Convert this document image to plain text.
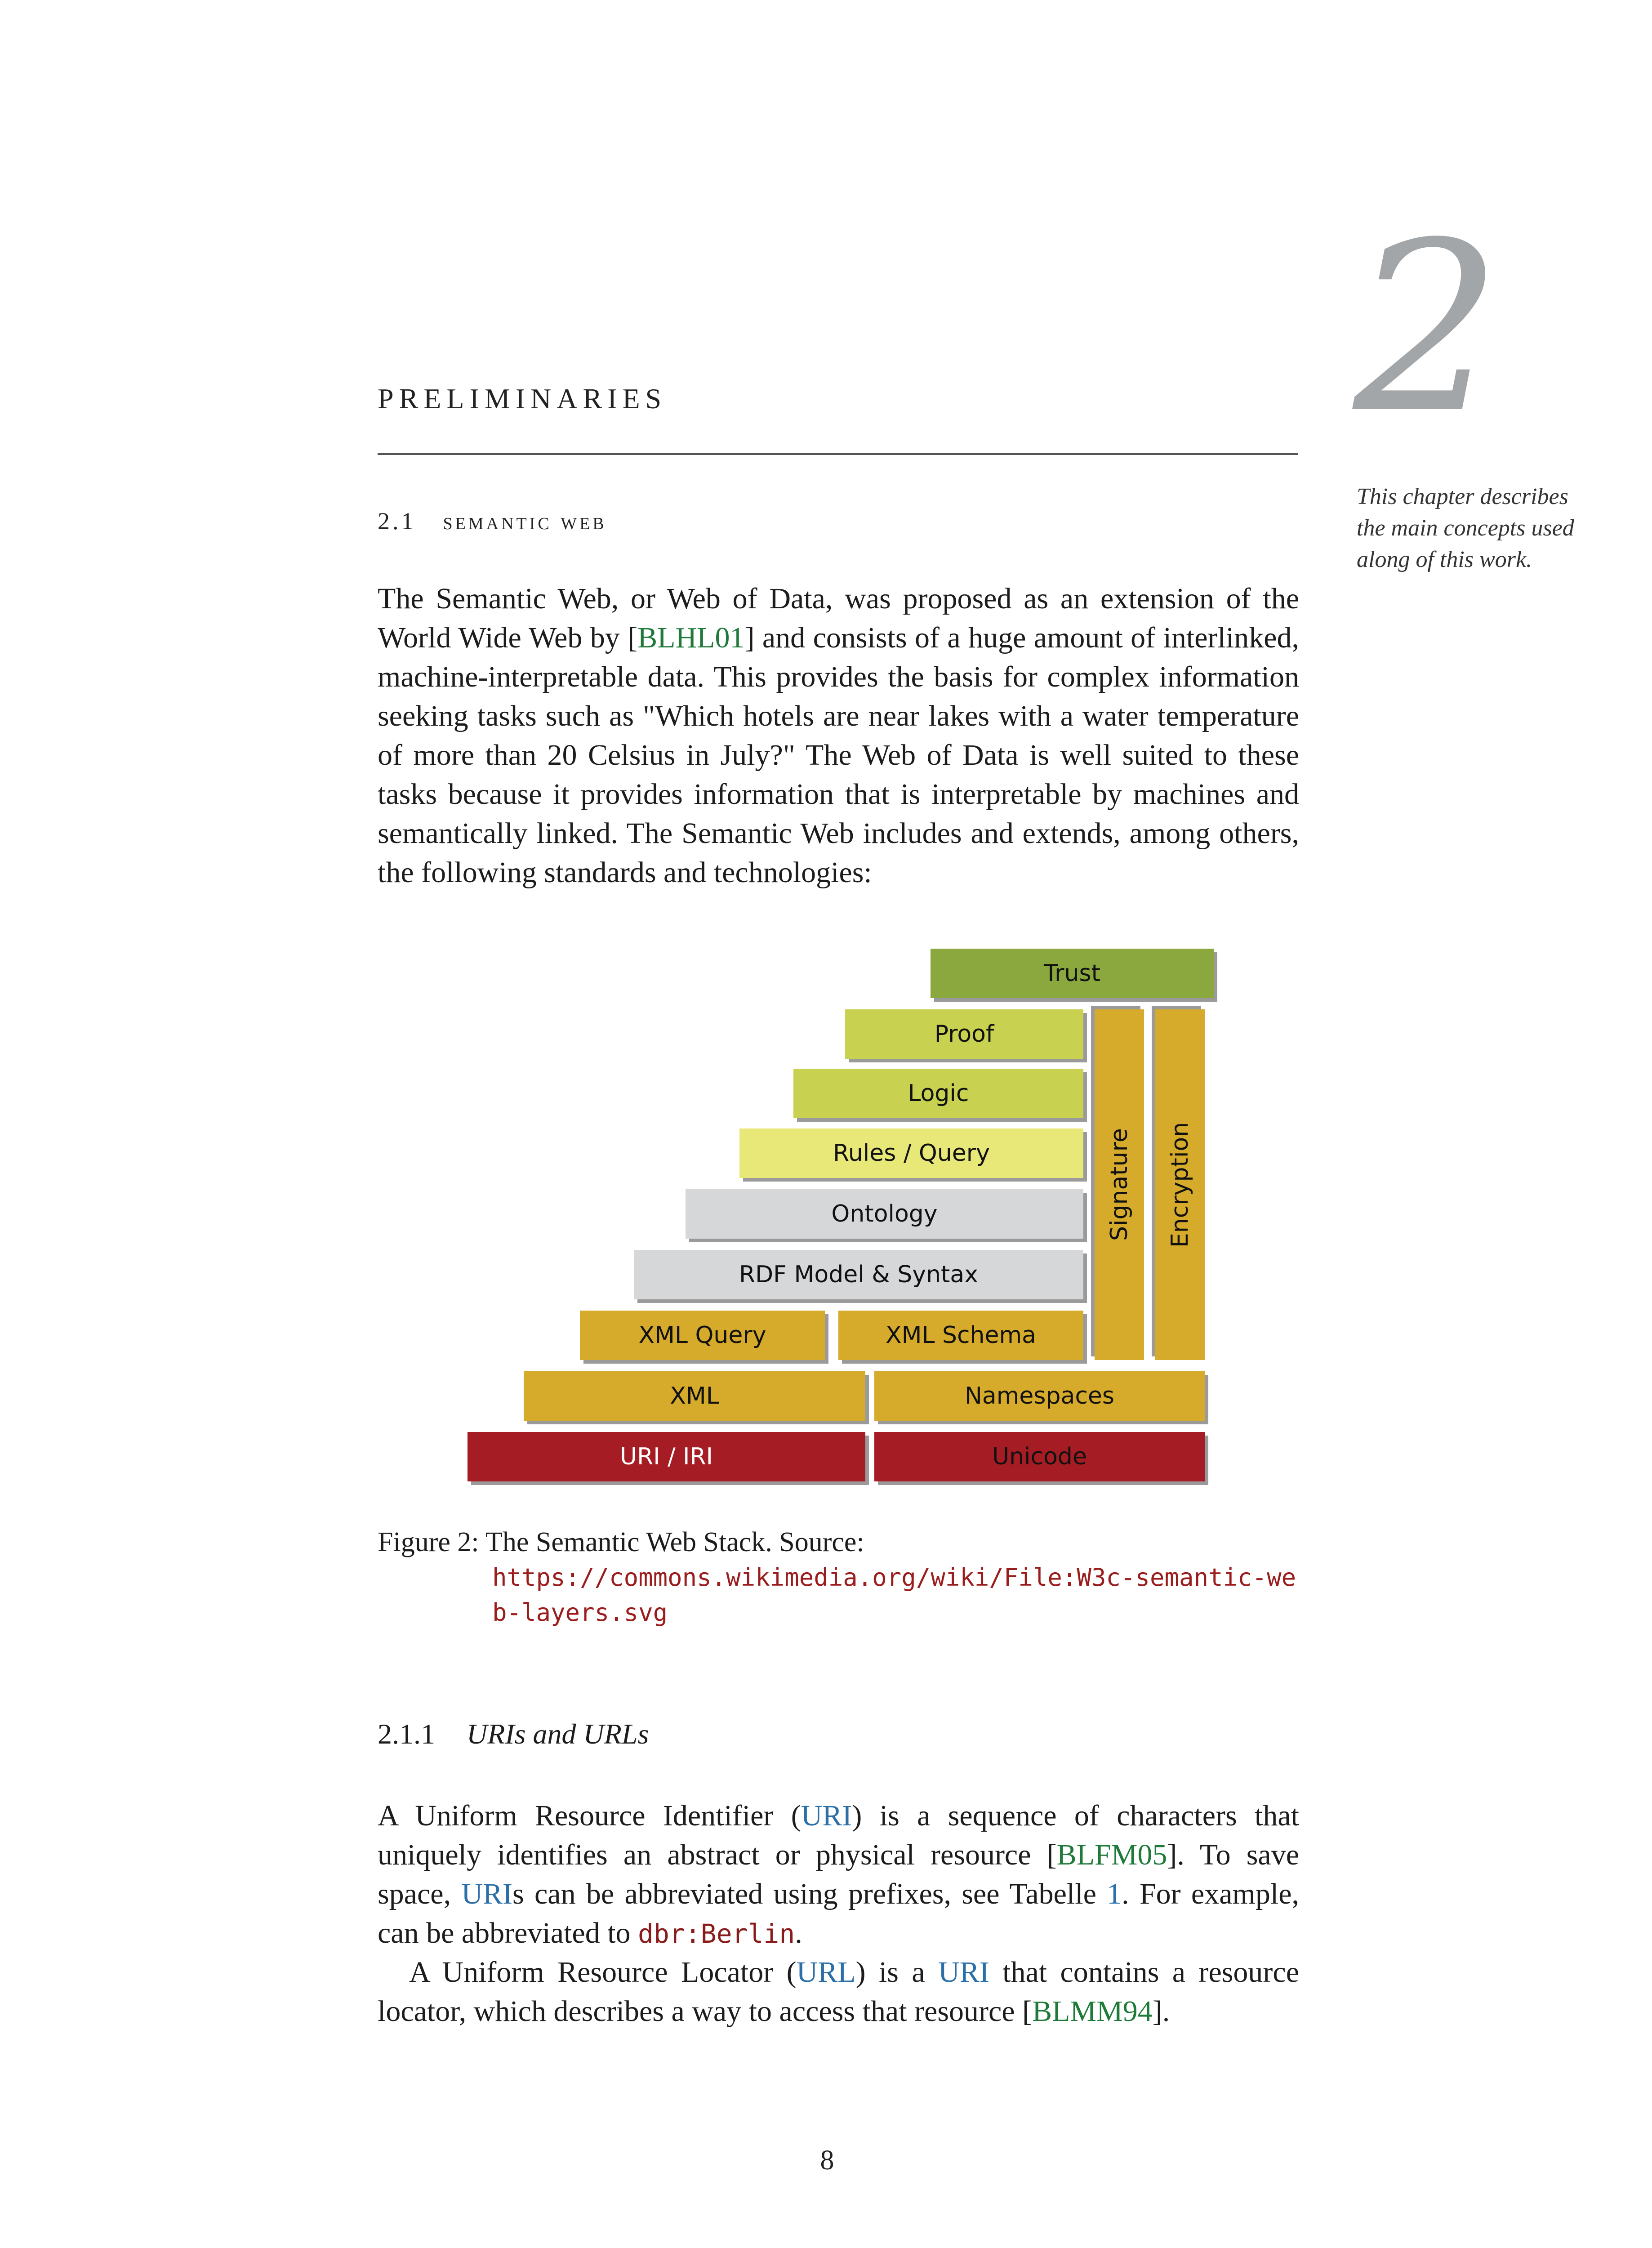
2
PRELIMINARIES
This chapter describes the main concepts used along of this work.
2.1 semantic web
The Semantic Web, or Web of Data, was proposed as an extension of the World Wide Web by [BLHL01] and consists of a huge amount of interlinked, machine-interpretable data. This provides the basis for complex information seeking tasks such as "Which hotels are near lakes with a water temperature of more than 20 Celsius in July?" The Web of Data is well suited to these tasks because it provides information that is interpretable by machines and semantically linked. The Semantic Web includes and extends, among others, the following standards and technologies:
Trust
Proof
Logic
Rules / Query
Ontology
RDF Model & Syntax
XML Query	XML Schema
XML	Namespaces
URI / IRI	Unicode
Signature	Encryption
Figure 2: The Semantic Web Stack. Source:
https://commons.wikimedia.org/wiki/File:W3c-semantic-web-layers.svg
2.1.1 URIs and URLs
A Uniform Resource Identifier (URI) is a sequence of characters that uniquely identifies an abstract or physical resource [BLFM05]. To save space, URIs can be abbreviated using prefixes, see Tabelle 1. For example, can be abbreviated to dbr:Berlin.
A Uniform Resource Locator (URL) is a URI that contains a resource locator, which describes a way to access that resource [BLMM94].
8
